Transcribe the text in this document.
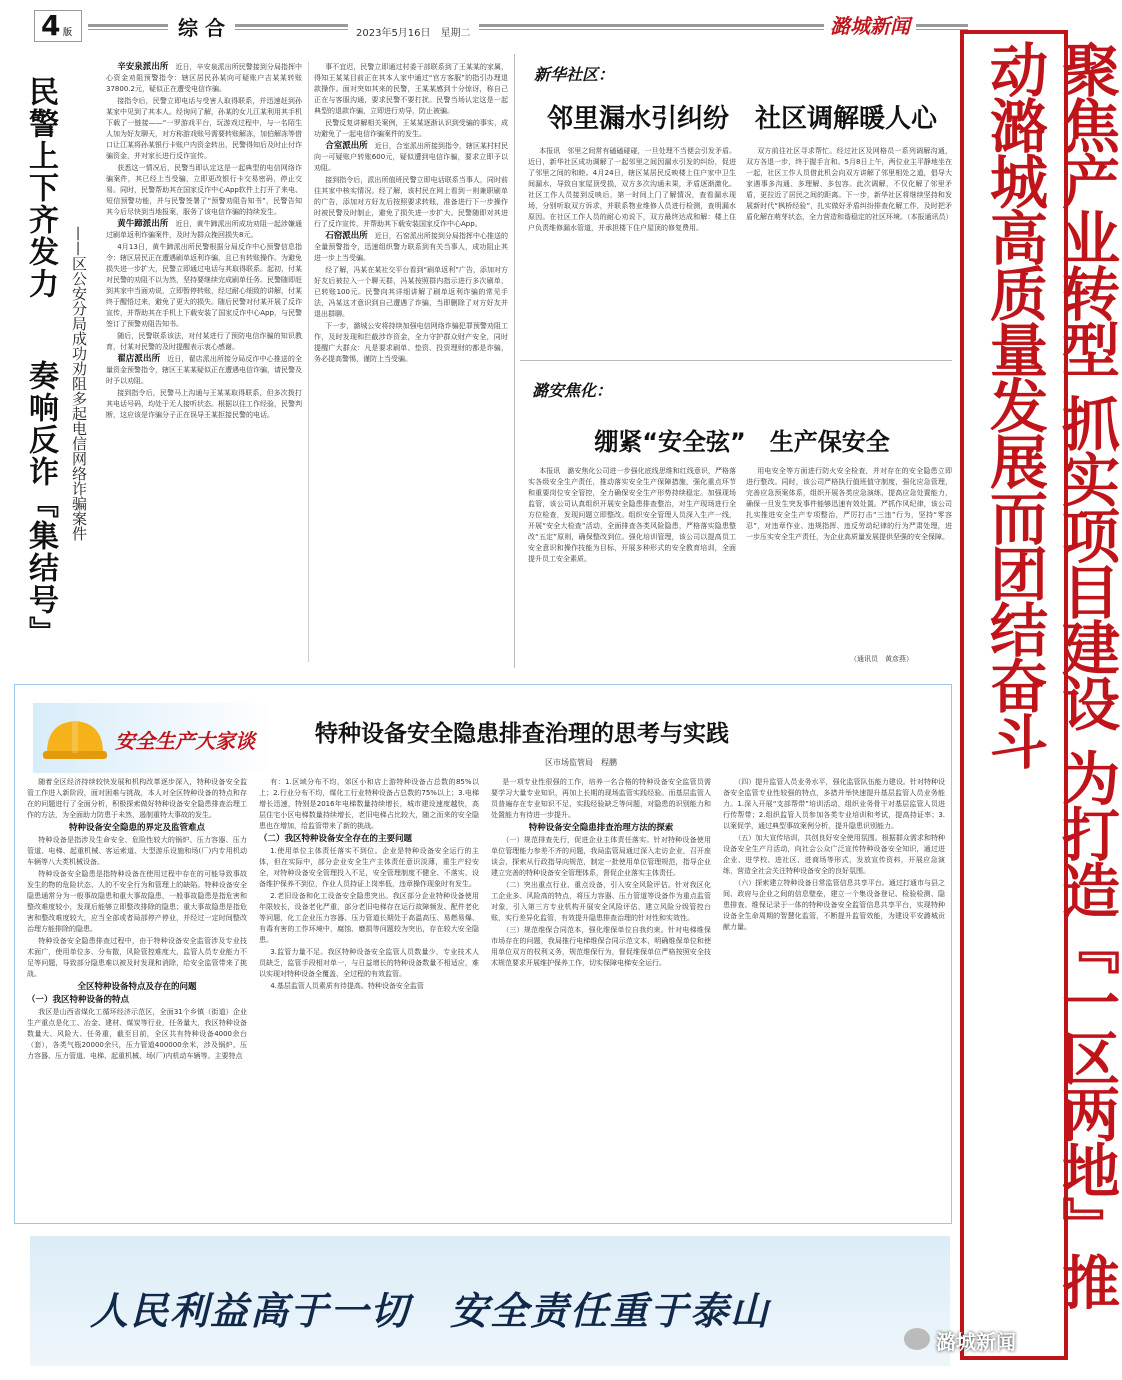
4 版	综 合	2023年5月16日　星期二	潞城新闻
聚焦产业转型 抓实项目建设 为打造『一区两地』推动潞城高质量发展而团结奋斗
民警上下齐发力
奏响反诈『集结号』 ——区公安分局成功劝阻多起电信网络诈骗案件

辛安泉派出所　 近日，辛安泉派出所民警接到分局指挥中心资金劝阻预警指令：辖区居民孙某向可疑账户吉某某转账37800.2元，疑似正在遭受电信诈骗。

接指令后，民警立即电话与受害人取得联系，并迅速赶到孙某家中见到了其本人。经询问了解，孙某的女儿江某利用其手机下载了一链接——“一罗游戏平台，玩游戏过程中，与一名陌生人加为好友聊天，对方称游戏账号需要转账解冻，加伯解冻等借口让江某将孙某银行卡账户内资金转出，民警得知后及时止付诈骗资金，并对家长进行反诈宣传。

获悉这一情况后，民警当即认定这是一起典型的电信网络诈骗案件，其已经上当受骗，立即更改银行卡交易密码，停止交易。同时，民警帮助其在国家反诈中心App软件上打开了来电、短信预警功能，并与民警签署了“预警劝阻告知书”，民警告知其今后尽快到当地报案，服务了该电信诈骗的持续发生。

黄牛蹄派出所　 近日，黄牛蹄派出所成功劝阻一起涉嫌通过刷单返利诈骗案件，及时为群众挽回损失8元。

4月13日，黄牛蹄派出所民警根据分局反诈中心预警信息指令：辖区居民正在遭遇刷单返利诈骗，且已有转账操作。为避免损失进一步扩大，民警立即通过电话与其取得联系。起初，付某对民警的劝阻不以为然，坚持要继续完成刷单任务。民警随即赶到其家中当面劝说，立即暂停转账，经过耐心细致的讲解，付某终于醒悟过来，避免了更大的损失。随后民警对付某开展了反诈宣传，并帮助其在手机上下载安装了国家反诈中心App，与民警签订了预警劝阻告知书。

随后，民警联系该法，对付某进行了预防电信诈骗的知识教育，付某对民警的及时提醒表示衷心感谢。

翟店派出所　 近日，翟店派出所接分局反诈中心推送的全量资金预警指令，辖区王某某疑似正在遭遇电信诈骗，请民警及时予以劝阻。

接到指令后，民警马上沟通与王某某取得联系，但多次拨打其电话号码，均处于无人接听状态。根据以往工作经验，民警判断，这应该是诈骗分子正在误导王某拒接民警的电话。

事不宜迟，民警立即通过村委干部联系到了王某某的家属，得知王某某目前正在其本人家中通过“官方客服”的指引办理退款操作。面对突如其来的民警，王某某感到十分惊讶，称自己正在与客服沟通，要求民警不要打扰。民警当场认定这是一起典型的退款诈骗，立即进行劝导，防止被骗。

民警反复讲解相关案例，王某某逐渐认识到受骗的事实，成功避免了一起电信诈骗案件的发生。

合室派出所　 近日，合室派出所接到指令，辖区某村村民向一可疑账户转账600元，疑似遭到电信诈骗，要求立即予以劝阻。

接到指令后，派出所值班民警立即电话联系当事人，同时前往其家中核实情况。经了解，该村民在网上看到一则兼职刷单的广告，添加对方好友后按照要求转账，准备进行下一步操作时被民警及时制止，避免了损失进一步扩大。民警随即对其进行了反诈宣传，并帮助其下载安装国家反诈中心App。

石窑派出所　 近日，石窑派出所接到分局指挥中心推送的全量预警指令，迅速组织警力联系到有关当事人，成功阻止其进一步上当受骗。

经了解，冯某在某社交平台看到“刷单返利”广告，添加对方好友后被拉入一个聊天群，冯某按照群内指示进行多次刷单，已转账100元。民警向其详细讲解了刷单返利诈骗的常见手法，冯某这才意识到自己遭遇了诈骗，当即删除了对方好友并退出群聊。

下一步，潞城公安将持续加强电信网络诈骗犯罪预警劝阻工作，及时发现和拦截涉诈资金，全力守护群众财产安全，同时提醒广大群众：凡是要求刷单、垫资、投资理财的都是诈骗，务必提高警惕，谨防上当受骗。

新华社区：
邻里漏水引纠纷　社区调解暖人心

本报讯　邻里之间常有磕磕碰碰，一旦处理不当便会引发矛盾。近日，新华社区成功调解了一起邻里之间因漏水引发的纠纷，促进了邻里之间的和睦。4月24日，辖区某居民反映楼上住户家中卫生间漏水，导致自家屋顶受损，双方多次沟通未果，矛盾逐渐激化。社区工作人员接到反映后，第一时间上门了解情况，查看漏水现场，分别听取双方诉求，并联系物业维修人员进行检测，查明漏水原因。在社区工作人员的耐心劝说下，双方最终达成和解：楼上住户负责维修漏水管道，并承担楼下住户屋顶的修复费用。

双方前往社区寻求帮忙。经过社区及网格员一系列调解沟通，双方各退一步，终于握手言和。5月8日上午，两位业主平静地坐在一起，社区工作人员借此机会向双方讲解了邻里相处之道，倡导大家遇事多沟通、多理解、多包容。此次调解，不仅化解了邻里矛盾，更拉近了居民之间的距离。下一步，新华社区将继续坚持和发展新时代“枫桥经验”，扎实做好矛盾纠纷排查化解工作，及时把矛盾化解在萌芽状态，全力营造和谐稳定的社区环境。（本报通讯员）

潞安焦化：
绷紧“安全弦”　生产保安全

本报讯　潞安焦化公司进一步强化底线思维和红线意识，严格落实各级安全生产责任，推动落实安全生产保障措施，强化重点环节和重要岗位安全管控，全力确保安全生产形势持续稳定。加强现场监管，该公司认真组织开展安全隐患排查整治，对生产现场进行全方位检查，发现问题立即整改。组织安全管理人员深入生产一线，开展“安全大检查”活动，全面排查各类风险隐患，严格落实隐患整改“五定”原则，确保整改到位。强化培训管理，该公司以提高员工安全意识和操作技能为目标，开展多种形式的安全教育培训，全面提升员工安全素质。

用电安全等方面进行防火安全检查，并对存在的安全隐患立即进行整改。同时，该公司严格执行值班值守制度，强化应急管理，完善应急预案体系，组织开展各类应急演练，提高应急处置能力，确保一旦发生突发事件能够迅速有效处置。严抓作风纪律，该公司扎实推进安全生产专项整治，严厉打击“三违”行为，坚持“零容忍”，对违章作业、违规指挥、违反劳动纪律的行为严肃处理，进一步压实安全生产责任，为企业高质量发展提供坚强的安全保障。

（通讯员　黄彦燕）
安全生产大家谈	特种设备安全隐患排查治理的思考与实践
区市场监管局　程鹏

随着全区经济持续较快发展和机构改革逐步深入，特种设备安全监管工作进入新阶段，面对困难与挑战，本人对全区特种设备的特点和存在的问题进行了全面分析，积极探索做好特种设备安全隐患排查治理工作的方法，为全面助力防患于未然，遏制重特大事故的发生。

特种设备安全隐患的界定及监管难点

特种设备是指涉及生命安全、危险性较大的锅炉、压力容器、压力管道、电梯、起重机械、客运索道、大型游乐设施和场(厂)内专用机动车辆等八大类机械设备。

特种设备安全隐患是指特种设备在使用过程中存在的可能导致事故发生的物的危险状态、人的不安全行为和管理上的缺陷。特种设备安全隐患通常分为一般事故隐患和重大事故隐患，一般事故隐患是指危害和整改难度较小，发现后能够立即整改排除的隐患；重大事故隐患是指危害和整改难度较大，应当全部或者局部停产停业，并经过一定时间整改治理方能排除的隐患。

特种设备安全隐患排查过程中，由于特种设备安全监管涉及专业技术面广，使用单位多、分布散，风险管控难度大，监管人员专业能力不足等问题，导致部分隐患难以被及时发现和消除，给安全监管带来了挑战。

全区特种设备特点及存在的问题
（一）我区特种设备的特点

我区是山西省煤化工循环经济示范区，全面31个乡镇（街道）企业生产重点是化工、冶金、建材、煤炭等行业，任务量大，我区特种设备数量大、风险大、任务重，截至目前，全区共有特种设备4000余台（套），各类气瓶20000余只，压力管道400000余米，涉及锅炉、压力容器、压力管道、电梯、起重机械、场(厂)内机动车辆等。主要特点

有：1.区域分布不均，郊区小和店上游特种设备占总数的85%以上；2.行业分布不均，煤化工行业特种设备占总数的75%以上；3.电梯增长迅速，特别是2016年电梯数量持续增长，城市建设速度越快，高层住宅小区电梯数量持续增长，老旧电梯占比较大，随之而来的安全隐患也在增加，给监管带来了新的挑战。

（二）我区特种设备安全存在的主要问题

1.使用单位主体责任落实不到位。企业是特种设备安全运行的主体，但在实际中，部分企业安全生产主体责任意识淡薄，重生产轻安全，对特种设备安全管理投入不足，安全管理制度不健全、不落实，设备维护保养不到位，作业人员持证上岗率低，违章操作现象时有发生。

2.老旧设备和化工设备安全隐患突出。我区部分企业特种设备使用年限较长，设备老化严重，部分老旧电梯存在运行故障频发、配件老化等问题，化工企业压力容器、压力管道长期处于高温高压、易燃易爆、有毒有害的工作环境中，腐蚀、磨损等问题较为突出，存在较大安全隐患。

3.监管力量不足。我区特种设备安全监管人员数量少，专业技术人员缺乏，监管手段相对单一，与日益增长的特种设备数量不相适应，难以实现对特种设备全覆盖、全过程的有效监管。

4.基层监管人员素质有待提高。特种设备安全监管

是一项专业性很强的工作，培养一名合格的特种设备安全监管员需要学习大量专业知识，再加上长期的现场监管实践经验。而基层监管人员普遍存在专业知识不足、实践经验缺乏等问题，对隐患的识别能力和处置能力有待进一步提升。

特种设备安全隐患排查治理方法的探索

（一）规范排查先行，促进企业主体责任落实。针对特种设备使用单位管理能力参差不齐的问题，我局监管局通过深入走访企业，召开座谈会，探索从行政指导向规范，制定一批使用单位管理规范，指导企业建立完善的特种设备安全管理体系，督促企业落实主体责任。

（二）突出重点行业、重点设备，引入安全风险评估。针对我区化工企业多、风险高的特点，将压力容器、压力管道等设备作为重点监管对象，引入第三方专业机构开展安全风险评估，建立风险分级管控台账，实行差异化监管，有效提升隐患排查治理的针对性和实效性。

（三）规范维保合同范本，强化维保单位自我约束。针对电梯维保市场存在的问题，我局推行电梯维保合同示范文本，明确维保单位和使用单位双方的权利义务，规范维保行为，督促维保单位严格按照安全技术规范要求开展维护保养工作，切实保障电梯安全运行。

（四）提升监管人员业务水平，强化监管队伍能力建设。针对特种设备安全监管专业性较强的特点，多措并举快速提升基层监管人员业务能力。1.深入开展“支部帮带”培训活动，组织业务骨干对基层监管人员进行传帮带；2.组织监管人员参加各类专业培训和考试，提高持证率；3.以案促学，通过典型事故案例分析，提升隐患识别能力。

（五）加大宣传培训，共创良好安全使用氛围。根据群众需求和特种设备安全生产月活动，向社会公众广泛宣传特种设备安全知识，通过进企业、进学校、进社区、进商场等形式，发放宣传资料，开展应急演练，营造全社会关注特种设备安全的良好氛围。

（六）探索建立特种设备日常监管信息共享平台。通过打通市与县之间、政府与企业之间的信息壁垒，建立一个集设备登记、检验检测、隐患排查、维保记录于一体的特种设备安全监管信息共享平台，实现特种设备全生命周期的智慧化监管，不断提升监管效能，为建设平安潞城贡献力量。

人民利益高于一切　安全责任重于泰山
潞城新闻
